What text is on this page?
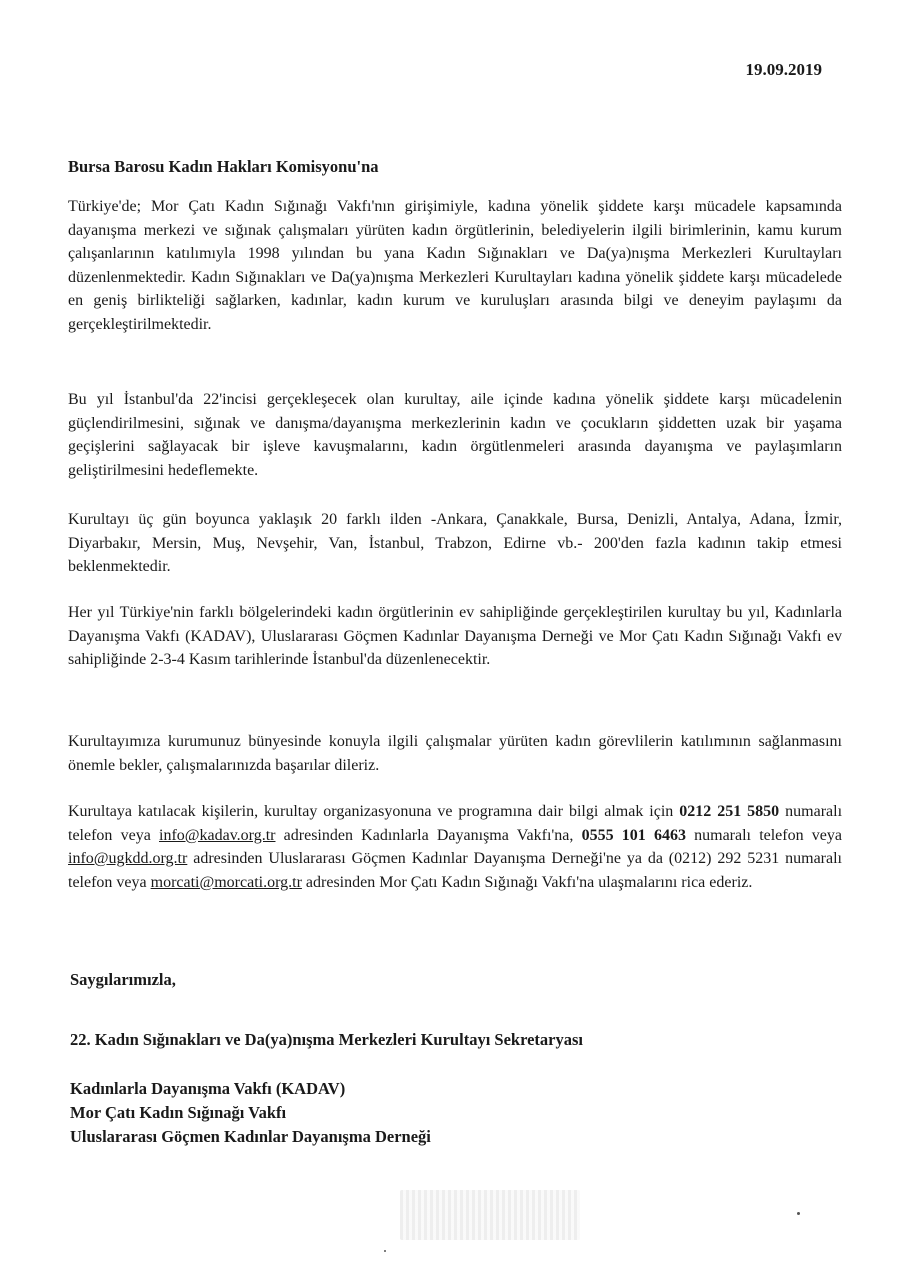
19.09.2019
Bursa Barosu Kadın Hakları Komisyonu'na

Türkiye'de; Mor Çatı Kadın Sığınağı Vakfı'nın girişimiyle, kadına yönelik şiddete karşı mücadele kapsamında dayanışma merkezi ve sığınak çalışmaları yürüten kadın örgütlerinin, belediyelerin ilgili birimlerinin, kamu kurum çalışanlarının katılımıyla 1998 yılından bu yana Kadın Sığınakları ve Da(ya)nışma Merkezleri Kurultayları düzenlenmektedir. Kadın Sığınakları ve Da(ya)nışma Merkezleri Kurultayları kadına yönelik şiddete karşı mücadelede en geniş birlikteliği sağlarken, kadınlar, kadın kurum ve kuruluşları arasında bilgi ve deneyim paylaşımı da gerçekleştirilmektedir.

Bu yıl İstanbul'da 22'incisi gerçekleşecek olan kurultay, aile içinde kadına yönelik şiddete karşı mücadelenin güçlendirilmesini, sığınak ve danışma/dayanışma merkezlerinin kadın ve çocukların şiddetten uzak bir yaşama geçişlerini sağlayacak bir işleve kavuşmalarını, kadın örgütlenmeleri arasında dayanışma ve paylaşımların geliştirilmesini hedeflemekte.

Kurultayı üç gün boyunca yaklaşık 20 farklı ilden -Ankara, Çanakkale, Bursa, Denizli, Antalya, Adana, İzmir, Diyarbakır, Mersin, Muş, Nevşehir, Van, İstanbul, Trabzon, Edirne vb.- 200'den fazla kadının takip etmesi beklenmektedir.

Her yıl Türkiye'nin farklı bölgelerindeki kadın örgütlerinin ev sahipliğinde gerçekleştirilen kurultay bu yıl, Kadınlarla Dayanışma Vakfı (KADAV), Uluslararası Göçmen Kadınlar Dayanışma Derneği ve Mor Çatı Kadın Sığınağı Vakfı ev sahipliğinde 2-3-4 Kasım tarihlerinde İstanbul'da düzenlenecektir.

Kurultayımıza kurumunuz bünyesinde konuyla ilgili çalışmalar yürüten kadın görevlilerin katılımının sağlanmasını önemle bekler, çalışmalarınızda başarılar dileriz.

Kurultaya katılacak kişilerin, kurultay organizasyonuna ve programına dair bilgi almak için 0212 251 5850 numaralı telefon veya info@kadav.org.tr adresinden Kadınlarla Dayanışma Vakfı'na, 0555 101 6463 numaralı telefon veya info@ugkdd.org.tr adresinden Uluslararası Göçmen Kadınlar Dayanışma Derneği'ne ya da (0212) 292 5231 numaralı telefon veya morcati@morcati.org.tr adresinden Mor Çatı Kadın Sığınağı Vakfı'na ulaşmalarını rica ederiz.

Saygılarımızla,
22. Kadın Sığınakları ve Da(ya)nışma Merkezleri Kurultayı Sekretaryası
Kadınlarla Dayanışma Vakfı (KADAV)
Mor Çatı Kadın Sığınağı Vakfı
Uluslararası Göçmen Kadınlar Dayanışma Derneği
